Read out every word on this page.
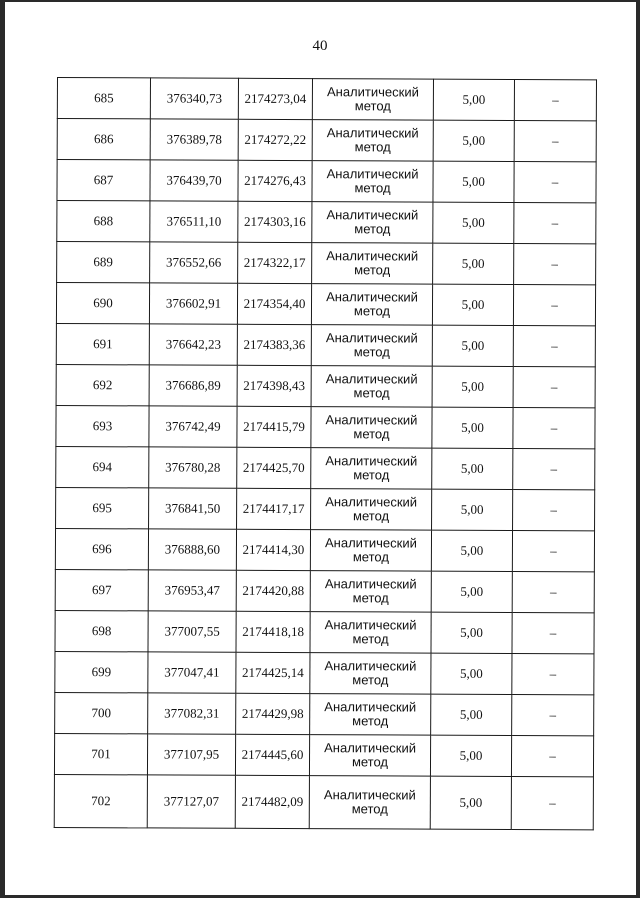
40
685	376340,73	2174273,04	Аналитический
метод	5,00	–
686	376389,78	2174272,22	Аналитический
метод	5,00	–
687	376439,70	2174276,43	Аналитический
метод	5,00	–
688	376511,10	2174303,16	Аналитический
метод	5,00	–
689	376552,66	2174322,17	Аналитический
метод	5,00	–
690	376602,91	2174354,40	Аналитический
метод	5,00	–
691	376642,23	2174383,36	Аналитический
метод	5,00	–
692	376686,89	2174398,43	Аналитический
метод	5,00	–
693	376742,49	2174415,79	Аналитический
метод	5,00	–
694	376780,28	2174425,70	Аналитический
метод	5,00	–
695	376841,50	2174417,17	Аналитический
метод	5,00	–
696	376888,60	2174414,30	Аналитический
метод	5,00	–
697	376953,47	2174420,88	Аналитический
метод	5,00	–
698	377007,55	2174418,18	Аналитический
метод	5,00	–
699	377047,41	2174425,14	Аналитический
метод	5,00	–
700	377082,31	2174429,98	Аналитический
метод	5,00	–
701	377107,95	2174445,60	Аналитический
метод	5,00	–
702	377127,07	2174482,09	Аналитический
метод	5,00	–
